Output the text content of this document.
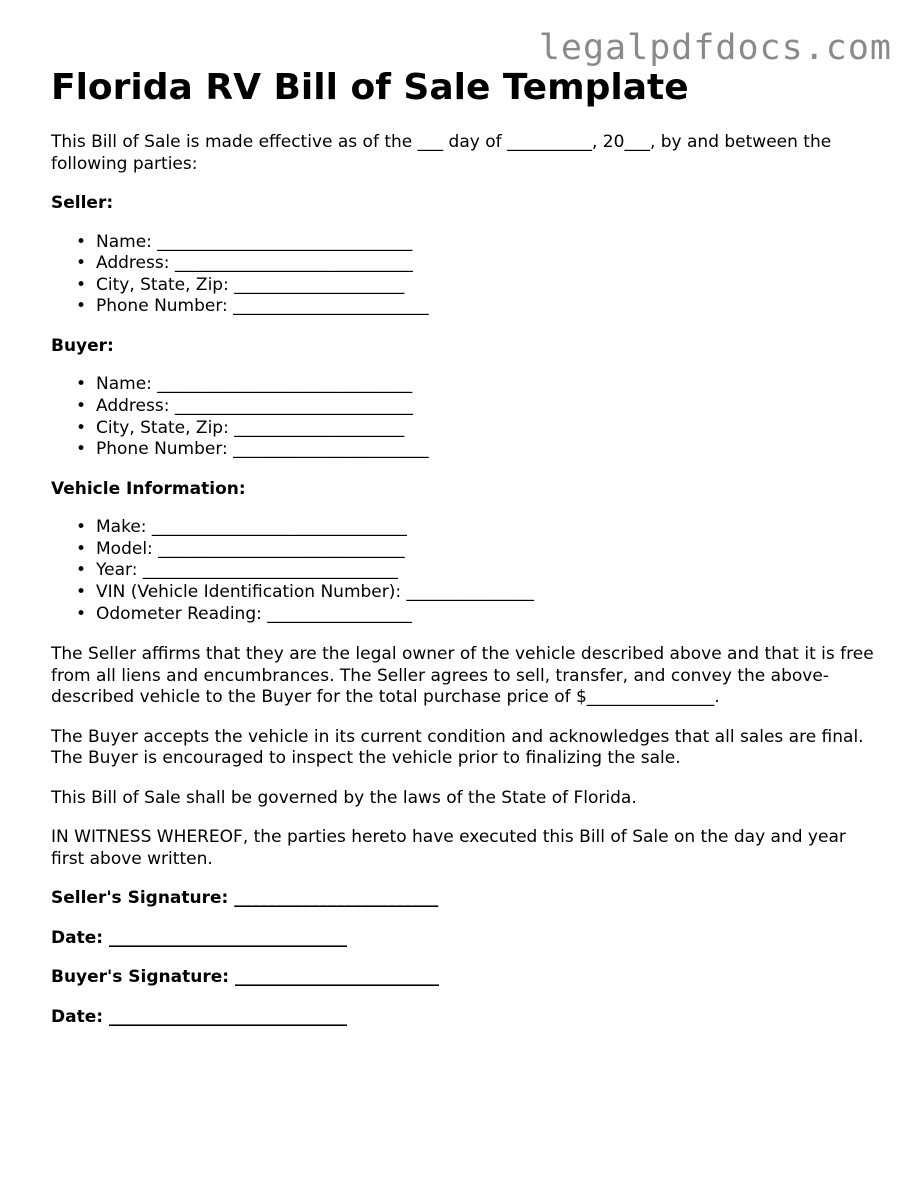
legalpdfdocs.com
Florida RV Bill of Sale Template

This Bill of Sale is made effective as of the ___ day of __________, 20___, by and between the following parties:

Seller:
• Name: ______________________________
• Address: ____________________________
• City, State, Zip: ____________________
• Phone Number: _______________________
Buyer:
• Name: ______________________________
• Address: ____________________________
• City, State, Zip: ____________________
• Phone Number: _______________________
Vehicle Information:
• Make: ______________________________
• Model: _____________________________
• Year: ______________________________
• VIN (Vehicle Identification Number): _______________
• Odometer Reading: _________________

The Seller affirms that they are the legal owner of the vehicle described above and that it is free from all liens and encumbrances. The Seller agrees to sell, transfer, and convey the above-described vehicle to the Buyer for the total purchase price of $_______________.

The Buyer accepts the vehicle in its current condition and acknowledges that all sales are final. The Buyer is encouraged to inspect the vehicle prior to finalizing the sale.

This Bill of Sale shall be governed by the laws of the State of Florida.

IN WITNESS WHEREOF, the parties hereto have executed this Bill of Sale on the day and year first above written.

Seller's Signature: ________________________

Date: ____________________________

Buyer's Signature: ________________________

Date: ____________________________
